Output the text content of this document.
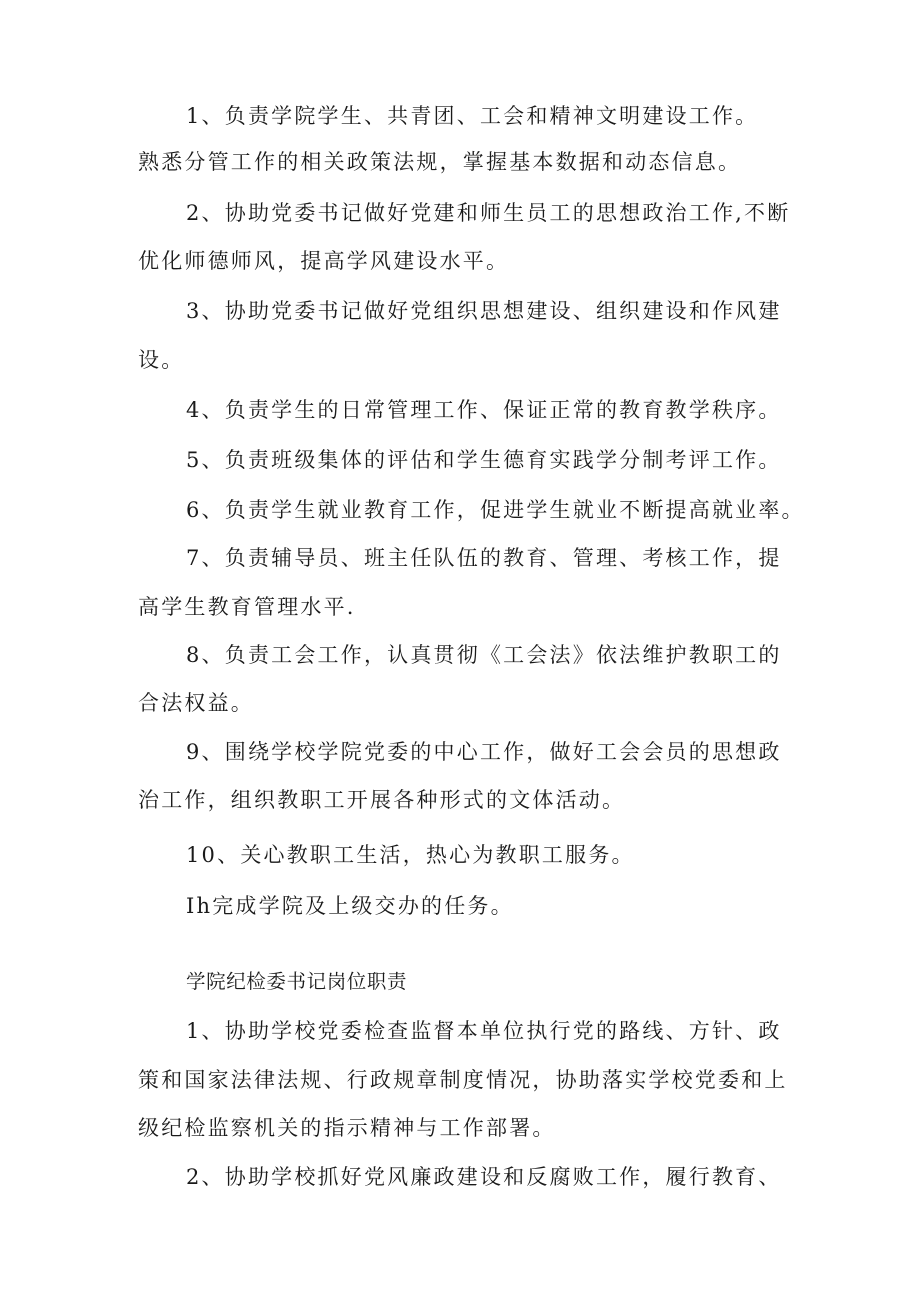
1、负责学院学生、共青团、工会和精神文明建设工作。
熟悉分管工作的相关政策法规，掌握基本数据和动态信息。
2、协助党委书记做好党建和师生员工的思想政治工作,不断
优化师德师风，提高学风建设水平。
3、协助党委书记做好党组织思想建设、组织建设和作风建
设。
4、负责学生的日常管理工作、保证正常的教育教学秩序。
5、负责班级集体的评估和学生德育实践学分制考评工作。
6、负责学生就业教育工作，促进学生就业不断提高就业率。
7、负责辅导员、班主任队伍的教育、管理、考核工作，提
高学生教育管理水平.
8、负责工会工作，认真贯彻《工会法》依法维护教职工的
合法权益。
9、围绕学校学院党委的中心工作，做好工会会员的思想政
治工作，组织教职工开展各种形式的文体活动。
10、关心教职工生活，热心为教职工服务。
Ih完成学院及上级交办的任务。
学院纪检委书记岗位职责
1、协助学校党委检查监督本单位执行党的路线、方针、政
策和国家法律法规、行政规章制度情况，协助落实学校党委和上
级纪检监察机关的指示精神与工作部署。
2、协助学校抓好党风廉政建设和反腐败工作，履行教育、
